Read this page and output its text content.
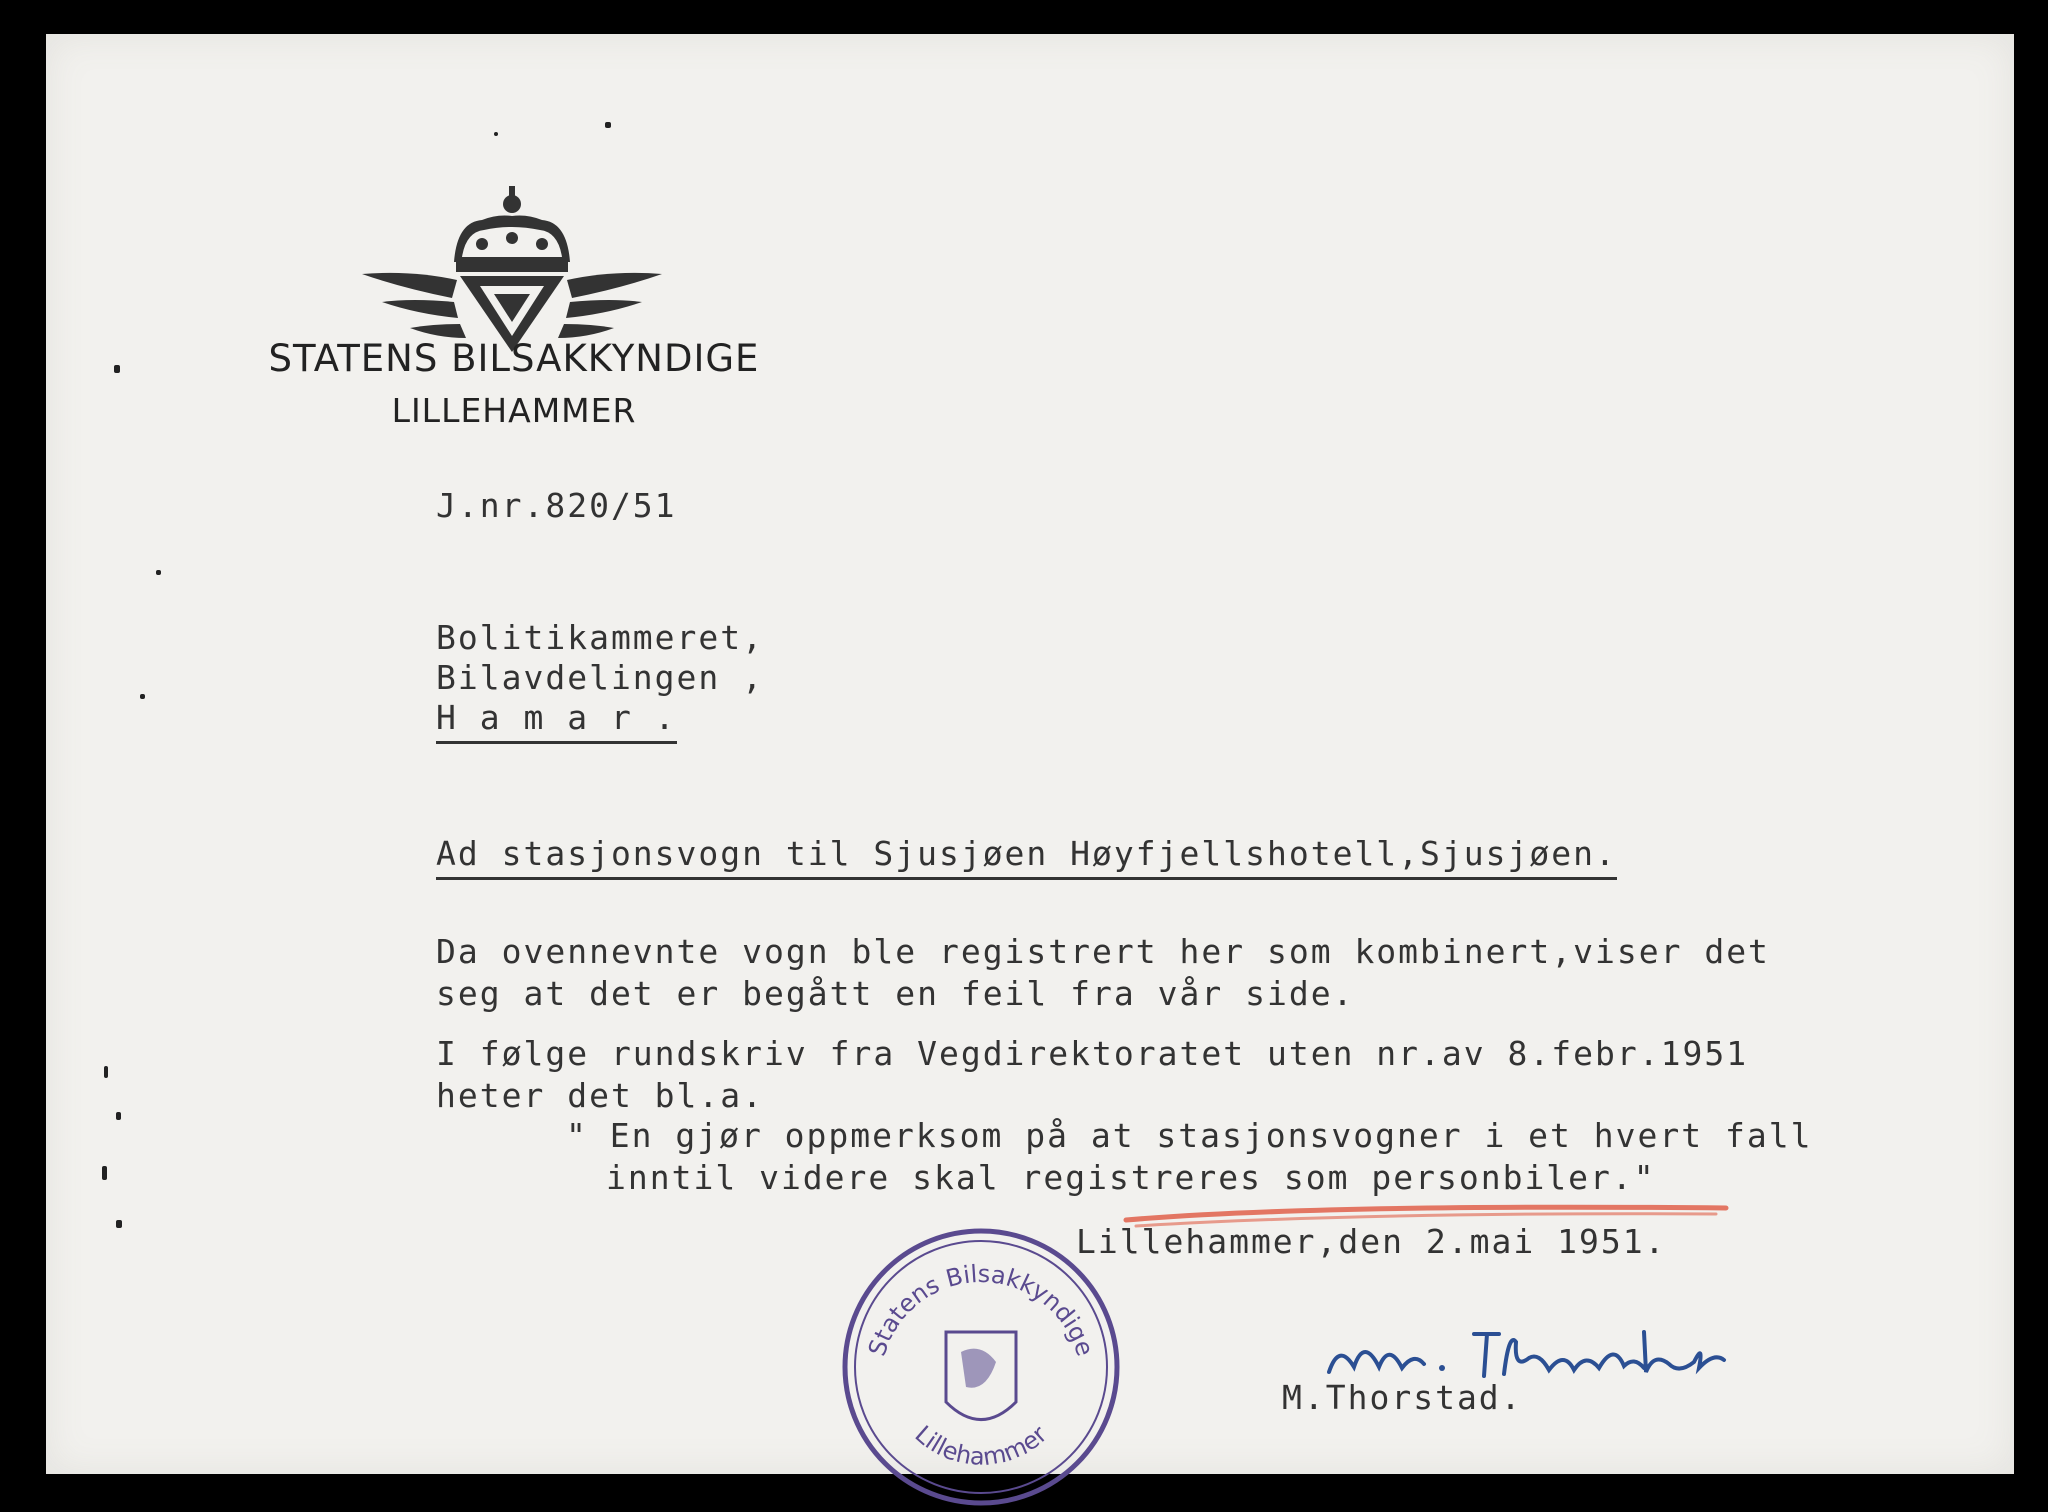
STATENS BILSAKKYNDIGE
LILLEHAMMER
J.nr.820/51
Bolitikammeret,
Bilavdelingen ,
H a m a r .
Ad stasjonsvogn til Sjusjøen Høyfjellshotell,Sjusjøen.
Da ovennevnte vogn ble registrert her som kombinert,viser det
seg at det er begått en feil fra vår side.
I følge rundskriv fra Vegdirektoratet uten nr.av 8.febr.1951
heter det bl.a.
" En gjør oppmerksom på at stasjonsvogner i et hvert fall
inntil videre skal registreres som personbiler."
Lillehammer,den 2.mai 1951.
Statens Bilsakkyndige
Lillehammer
M.Thorstad.
